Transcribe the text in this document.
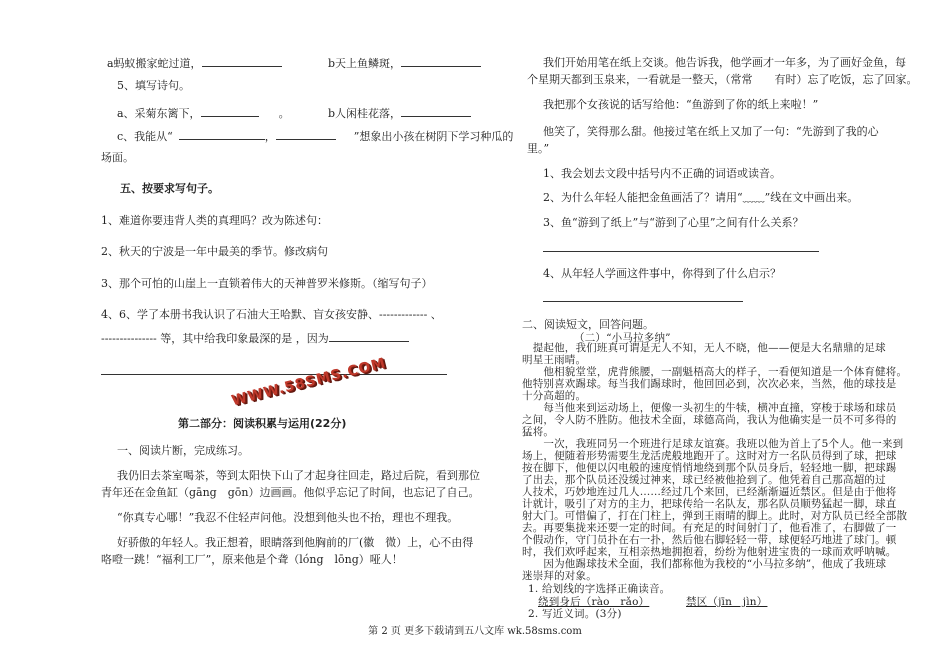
a蚂蚁搬家蛇过道，	b天上鱼鳞斑，
5、填写诗句。
a、采菊东篱下，	。	b人闲桂花落，
c、我能从“	，	”想象出小孩在树阴下学习种瓜的
场面。
五、按要求写句子。
1、难道你要违背人类的真理吗？改为陈述句：
2、秋天的宁波是一年中最美的季节。修改病句
3、那个可怕的山崖上一直锁着伟大的天神普罗米修斯。（缩写句子）
4、6、学了本册书我认识了石油大王哈默、盲女孩安静、------------- 、
--------------- 等，其中给我印象最深的是 ，因为
WWW.58SMS.COM
第二部分：阅读积累与运用(22分)
一、阅读片断，完成练习。
我仍旧去茶室喝茶，等到太阳快下山了才起身往回走，路过后院，看到那位
青年还在金鱼缸（gāng　gōn）边画画。他似乎忘记了时间，也忘记了自己。
“你真专心哪！”我忍不住轻声问他。没想到他头也不抬，理也不理我。
好骄傲的年轻人。我正想着，眼睛落到他胸前的厂(徽　微）上，心不由得
咯噔一跳！“福利工厂”，原来他是个聋（lóng　lōng）哑人！
我们开始用笔在纸上交谈。他告诉我，他学画才一年多，为了画好金鱼，每
个星期天都到玉泉来，一看就是一整天，（常常　　有时）忘了吃饭，忘了回家。
我把那个女孩说的话写给他：“鱼游到了你的纸上来啦！”
他笑了，笑得那么甜。他接过笔在纸上又加了一句：“先游到了我的心
里。”
1、我会划去文段中括号内不正确的词语或读音。
2、为什么年轻人能把金鱼画活了？请用“﹏﹏”线在文中画出来。
3、鱼“游到了纸上”与“游到了心里”之间有什么关系？
4、从年轻人学画这件事中，你得到了什么启示？
二、阅读短文，回答问题。
（二）“小马拉多纳”
　提起他，我们班真可谓是无人不知，无人不晓，他——便是大名鼎鼎的足球
明星王雨晴。
　　他相貌堂堂，虎背熊腰，一副魁梧高大的样子，一看便知道是一个体育健将。
他特别喜欢踢球。每当我们踢球时，他回回必到，次次必来，当然，他的球技是
十分高超的。
　　每当他来到运动场上，便像一头初生的牛犊，横冲直撞，穿梭于球场和球员
之间，令人防不胜防。他技术全面，球德高尚，我认为他确实是一员不可多得的
猛将。
　　一次，我班同另一个班进行足球友谊赛。我班以他为首上了5个人。他一来到
场上，便随着形势需要生龙活虎般地跑开了。这时对方一名队员得到了球，把球
按在脚下，他便以闪电般的速度悄悄地绕到那个队员身后，轻轻地一脚，把球踢
了出去，那个队员还没缓过神来，球已经被他抢到了。他凭着自己那高超的过
人技术，巧妙地连过几人……经过几个来回，已经渐渐逼近禁区。但是由于他将
计就计，吸引了对方的主力，把球传给一名队友，那名队员顺势猛起一脚，球直
射大门。可惜偏了，打在门柱上，弹到王雨晴的脚上。此时，对方队员已经全部散
去。再要集拢来还要一定的时间。有充足的时间射门了，他看准了，右脚做了一
个假动作，守门员扑在右一扑，然后他右脚轻轻一带，球便轻巧地进了球门。顿
时，我们欢呼起来，互相亲热地拥抱着，纷纷为他射进宝贵的一球而欢呼呐喊。
　　因为他踢球技术全面，我们都称他为我校的“小马拉多纳”，他成了我班球
迷崇拜的对象。
1. 给划线的字选择正确读音。
绕到身后（rào　rǎo）	禁区（jīn　jìn）
2. 写近义词。(3分)
第 2 页 更多下载请到五八文库 wk.58sms.com
